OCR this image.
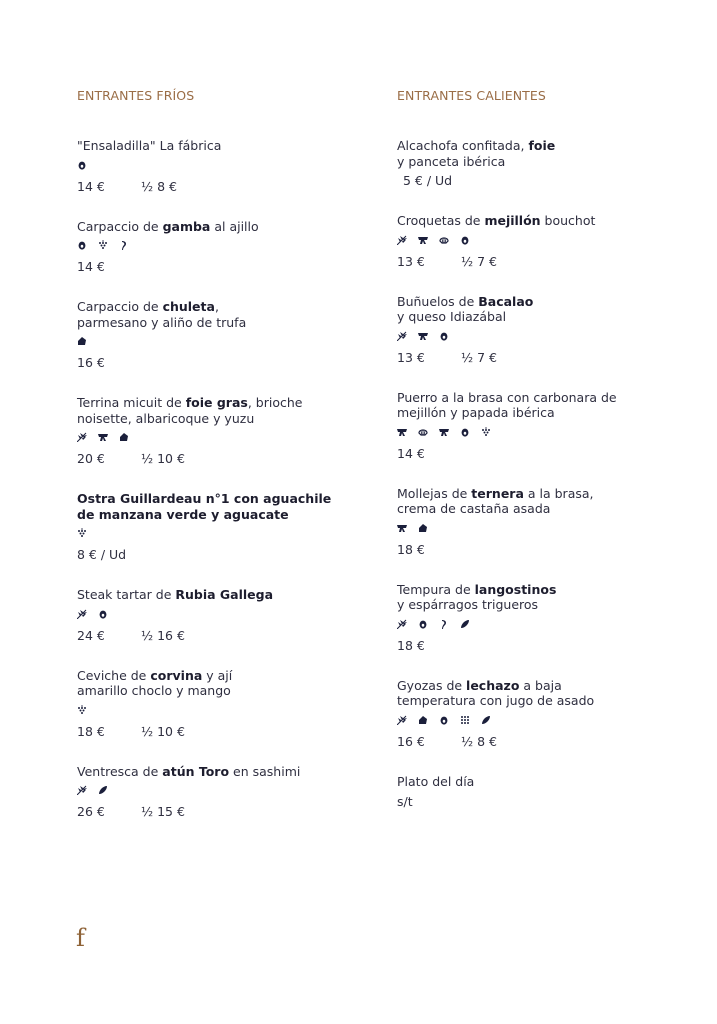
ENTRANTES FRÍOS
"Ensaladilla" La fábrica
14 €	½ 8 €
Carpaccio de gamba al ajillo
14 €
Carpaccio de chuleta,
parmesano y aliño de trufa
16 €
Terrina micuit de foie gras, brioche
noisette, albaricoque y yuzu
20 €	½ 10 €
Ostra Guillardeau n°1 con aguachile
de manzana verde y aguacate
8 € / Ud
Steak tartar de Rubia Gallega
24 €	½ 16 €
Ceviche de corvina y ají
amarillo choclo y mango
18 €	½ 10 €
Ventresca de atún Toro en sashimi
26 €	½ 15 €
ENTRANTES CALIENTES
Alcachofa confitada, foie
y panceta ibérica
5 € / Ud
Croquetas de mejillón bouchot
13 €	½ 7 €
Buñuelos de Bacalao
y queso Idiazábal
13 €	½ 7 €
Puerro a la brasa con carbonara de
mejillón y papada ibérica
14 €
Mollejas de ternera a la brasa,
crema de castaña asada
18 €
Tempura de langostinos
y espárragos trigueros
18 €
Gyozas de lechazo a baja
temperatura con jugo de asado
16 €	½ 8 €
Plato del día
s/t
f
